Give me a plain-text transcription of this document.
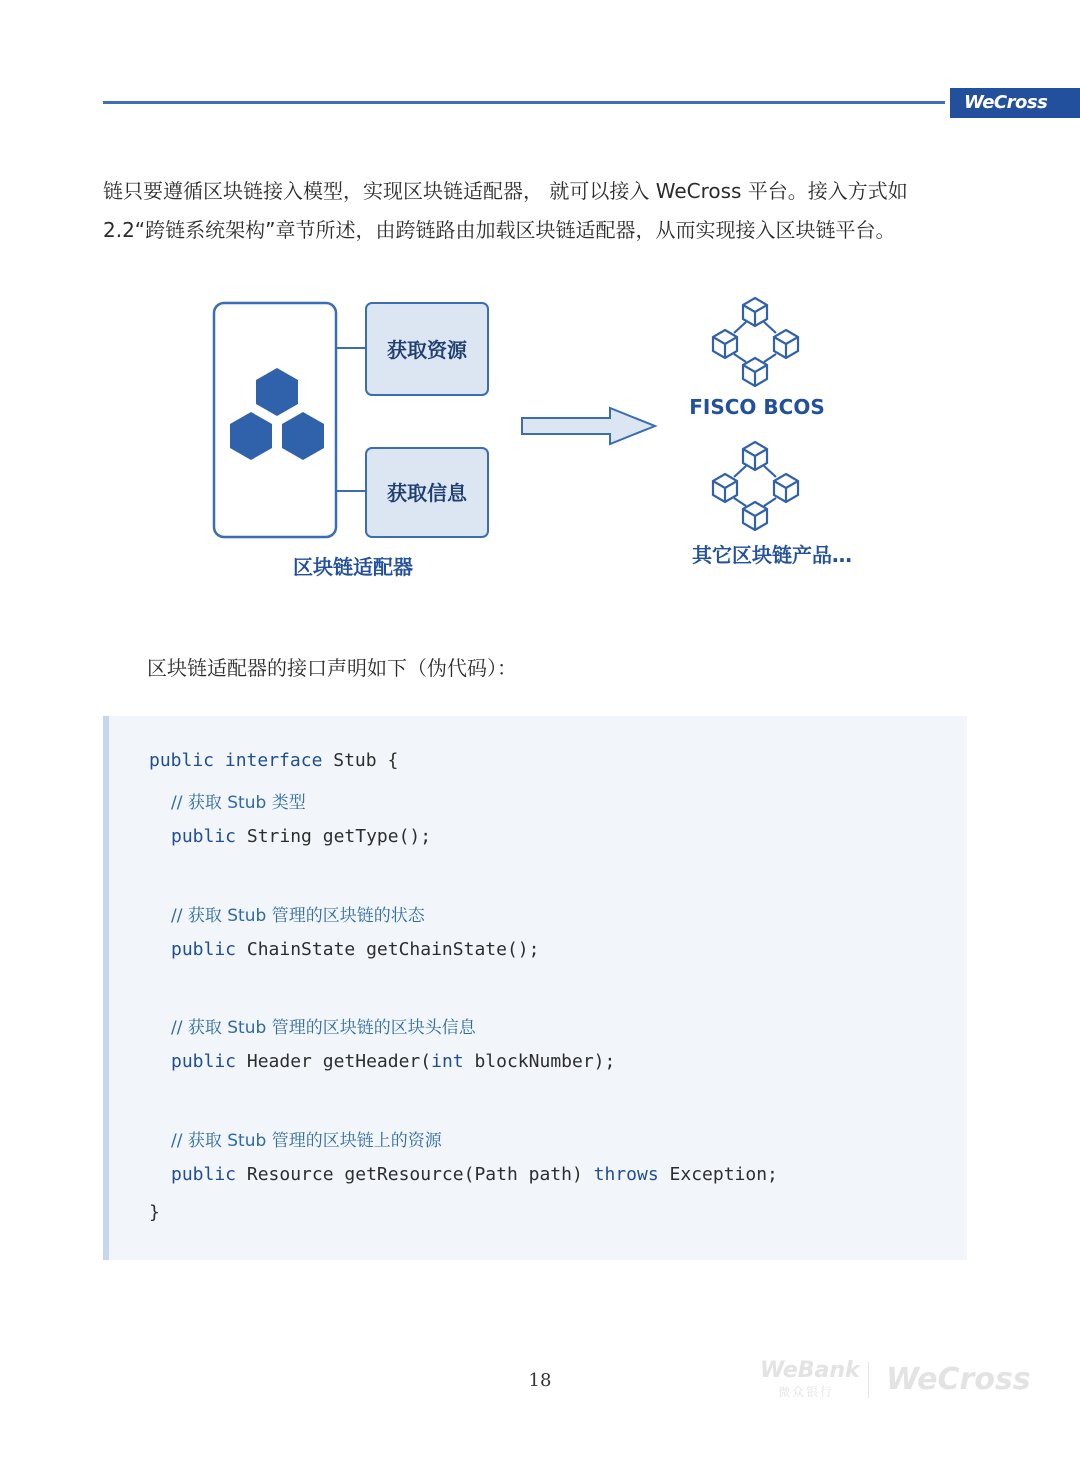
WeCross
链只要遵循区块链接入模型，实现区块链适配器， 就可以接入 WeCross 平台。接入方式如
2.2“跨链系统架构”章节所述，由跨链路由加载区块链适配器，从而实现接入区块链平台。
获取资源
获取信息
区块链适配器
FISCO BCOS
其它区块链产品…
区块链适配器的接口声明如下（伪代码）：
public interface Stub {
// 获取 Stub 类型
public String getType();
// 获取 Stub 管理的区块链的状态
public ChainState getChainState();
// 获取 Stub 管理的区块链的区块头信息
public Header getHeader(int blockNumber);
// 获取 Stub 管理的区块链上的资源
public Resource getResource(Path path) throws Exception;
}
18	WeBank
微众银行 WeCross
